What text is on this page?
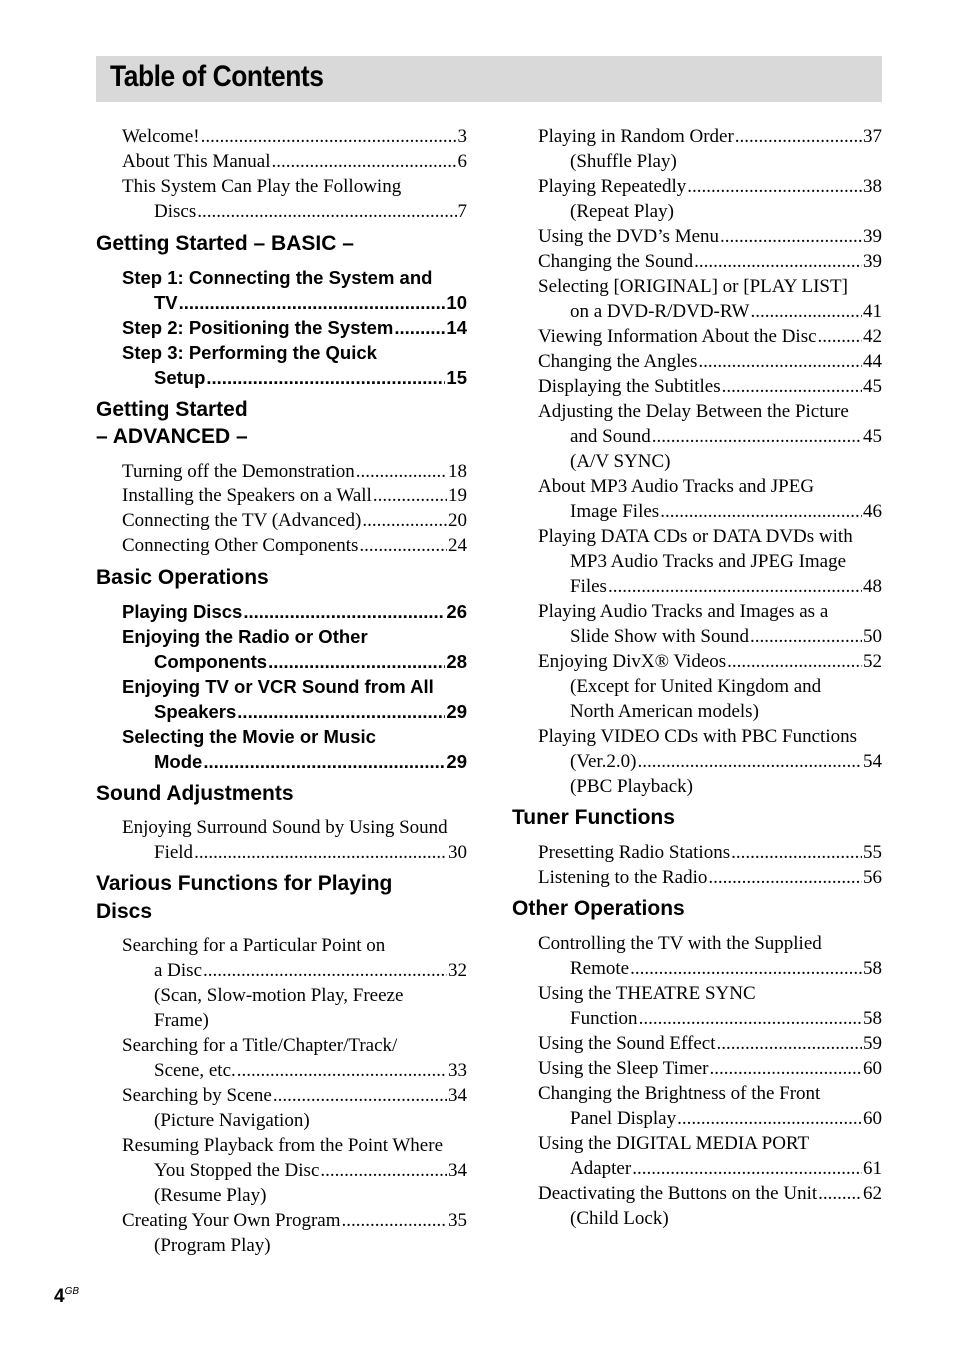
Table of Contents
Welcome! .....	3
About This Manual .....	6
This System Can Play the Following
Discs .....	7
Getting Started – BASIC –
Step 1: Connecting the System and
TV .....	10
Step 2: Positioning the System .....	14
Step 3: Performing the Quick
Setup .....	15
Getting Started
– ADVANCED –
Turning off the Demonstration .....	18
Installing the Speakers on a Wall .....	19
Connecting the TV (Advanced) .....	20
Connecting Other Components .....	24
Basic Operations
Playing Discs .....	26
Enjoying the Radio or Other
Components .....	28
Enjoying TV or VCR Sound from All
Speakers .....	29
Selecting the Movie or Music
Mode .....	29
Sound Adjustments
Enjoying Surround Sound by Using Sound
Field .....	30
Various Functions for Playing
Discs
Searching for a Particular Point on
a Disc .....	32
(Scan, Slow-motion Play, Freeze
Frame)
Searching for a Title/Chapter/Track/
Scene, etc. .....	33
Searching by Scene .....	34
(Picture Navigation)
Resuming Playback from the Point Where
You Stopped the Disc .....	34
(Resume Play)
Creating Your Own Program .....	35
(Program Play)
Playing in Random Order .....	37
(Shuffle Play)
Playing Repeatedly .....	38
(Repeat Play)
Using the DVD’s Menu .....	39
Changing the Sound .....	39
Selecting [ORIGINAL] or [PLAY LIST]
on a DVD-R/DVD-RW .....	41
Viewing Information About the Disc ..... 42
Changing the Angles .....	44
Displaying the Subtitles .....	45
Adjusting the Delay Between the Picture
and Sound .....	45
(A/V SYNC)
About MP3 Audio Tracks and JPEG
Image Files .....	46
Playing DATA CDs or DATA DVDs with
MP3 Audio Tracks and JPEG Image
Files .....	48
Playing Audio Tracks and Images as a
Slide Show with Sound .....	50
Enjoying DivX® Videos .....	52
(Except for United Kingdom and
North American models)
Playing VIDEO CDs with PBC Functions
(Ver.2.0) .....	54
(PBC Playback)
Tuner Functions
Presetting Radio Stations .....	55
Listening to the Radio .....	56
Other Operations
Controlling the TV with the Supplied
Remote .....	58
Using the THEATRE SYNC
Function .....	58
Using the Sound Effect .....	59
Using the Sleep Timer .....	60
Changing the Brightness of the Front
Panel Display .....	60
Using the DIGITAL MEDIA PORT
Adapter .....	61
Deactivating the Buttons on the Unit ..... 62
(Child Lock)
$4^{GB}$
